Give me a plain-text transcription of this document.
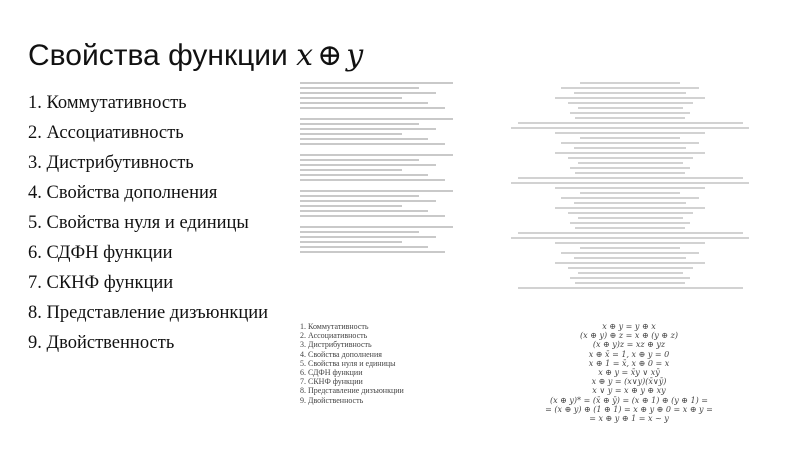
Свойства функции x ⊕ y
1. Коммутативность
2. Ассоциативность
3. Дистрибутивность
4. Свойства дополнения
5. Свойства нуля и единицы
6. СДФН функции
7. СКНФ функции
8. Представление дизъюнкции
9. Двойственность
1. Коммутативность
2. Ассоциативность
3. Дистрибутивность
4. Свойства дополнения
5. Свойства нуля и единицы
6. СДФН функции
7. СКНФ функции
8. Представление дизъюнкции
9. Двойственность
x ⊕ y = y ⊕ x
(x ⊕ y) ⊕ z = x ⊕ (y ⊕ z)
(x ⊕ y)z = xz ⊕ yz
x ⊕ x̄ = 1, x ⊕ y = 0
x ⊕ 1 = x̄, x ⊕ 0 = x
x ⊕ y = x̄y ∨ xȳ
x ⊕ y = (x∨y)(x̄∨ȳ)
x ∨ y = x ⊕ y ⊕ xy
(x ⊕ y)* = (x̄ ⊕ ȳ) = (x ⊕ 1) ⊕ (y ⊕ 1) =
= (x ⊕ y) ⊕ (1 ⊕ 1) = x ⊕ y ⊕ 0 = x ⊕ y =
= x ⊕ y ⊕ 1 = x ~ y
